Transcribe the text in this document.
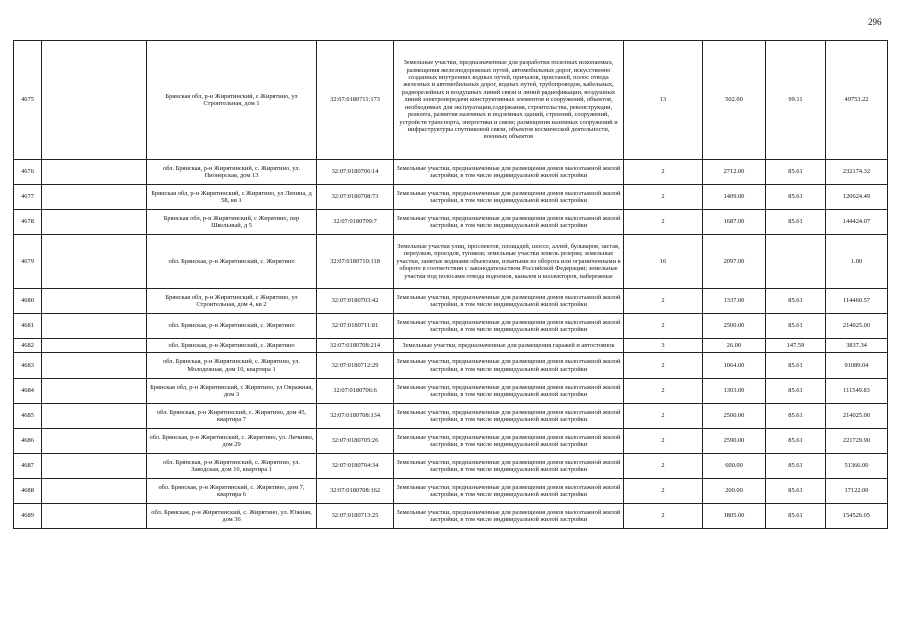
296
4675		Брянская обл, р-н Жирятинский, с Жирятино, ул Строительная, дом 1	32:07:0180711:173	Земельные участки, предназначенные для разработки полезных ископаемых, размещения железнодорожных путей, автомобильных дорог, искусственно созданных внутренних водных путей, причалов, пристаней, полос отвода железных и автомобильных дорог, водных путей, трубопроводов, кабельных, радиорелейных и воздушных линий связи и линий радиофикации, воздушных линий электропередачи конструктивных элементов и сооружений, объектов, необходимых для эксплуатации,содержания, строительства, реконструкции, ремонта, развития наземных и подземных зданий, строений, сооружений, устройств транспорта, энергетики и связи; размещения наземных сооружений и инфраструктуры спутниковой связи, объектов космической деятельности, военных объектов	13	502.00	99.11	49753.22
4676		обл. Брянская, р-н Жирятинский, с. Жирятино, ул. Пионерская, дом 13	32:07:0180706:14	Земельные участки, предназначенные для размещения домов малоэтажной жилой застройки, в том числе индивидуальной жилой застройки	2	2712.00	85.61	232174.32
4677		Брянская обл, р-н Жирятинский, с Жирятино, ул Ленина, д 58, кв 1	32:07:0180708:73	Земельные участки, предназначенные для размещения домов малоэтажной жилой застройки, в том числе индивидуальной жилой застройки	2	1409.00	85.61	120624.49
4678		Брянская обл, р-н Жирятинский, с Жирятино, пер Школьный, д 5	32:07:0180709:7	Земельные участки, предназначенные для размещения домов малоэтажной жилой застройки, в том числе индивидуальной жилой застройки	2	1687.00	85.61	144424.07
4679		обл. Брянская, р-н Жирятинский, с. Жирятино	32:07:0180710:118	Земельные участки улиц, проспектов, площадей, шоссе, аллей, бульваров, застав, переулков, проездов, тупиков; земельные участки земель резерва; земельные участки, занятые водными объектами, изъятыми из оборота или ограниченными в обороте в соответствии с законодательством Российской Федерации; земельные участки под полосами отвода водоемов, каналов и коллекторов, набережные	16	2097.00		1.00
4680		Брянская обл, р-н Жирятинский, с Жирятино, ул Строительная, дом 4, кв 2	32:07:0180703:42	Земельные участки, предназначенные для размещения домов малоэтажной жилой застройки, в том числе индивидуальной жилой застройки	2	1337.00	85.61	114460.57
4681		обл. Брянская, р-н Жирятинский, с. Жирятино	32:07:0180711:81	Земельные участки, предназначенные для размещения домов малоэтажной жилой застройки, в том числе индивидуальной жилой застройки	2	2500.00	85.61	214025.00
4682		обл. Брянская, р-н Жирятинский, с. Жирятино	32:07:0180708:214	Земельные участки, предназначенные для размещения гаражей и автостоянок	3	26.00	147.59	3837.34
4683		обл. Брянская, р-н Жирятинский, с. Жирятино, ул. Молодежная, дом 10, квартира 1	32:07:0180712:29	Земельные участки, предназначенные для размещения домов малоэтажной жилой застройки, в том числе индивидуальной жилой застройки	2	1064.00	85.61	91089.04
4684		Брянская обл, р-н Жирятинский, с Жирятино, ул Овражная, дом 3	32:07:0180706:6	Земельные участки, предназначенные для размещения домов малоэтажной жилой застройки, в том числе индивидуальной жилой застройки	2	1303.00	85.61	111549.83
4685		обл. Брянская, р-н Жирятинский, с. Жирятино, дом 45, квартира 7	32:07:0180708:134	Земельные участки, предназначенные для размещения домов малоэтажной жилой застройки, в том числе индивидуальной жилой застройки	2	2500.00	85.61	214025.00
4686		обл. Брянская, р-н Жирятинский, с. Жирятино, ул. Личинко, дом 29	32:07:0180705:26	Земельные участки, предназначенные для размещения домов малоэтажной жилой застройки, в том числе индивидуальной жилой застройки	2	2590.00	85.61	221729.90
4687		обл. Брянская, р-н Жирятинский, с. Жирятино, ул. Заводская, дом 10, квартира 1	32:07:0180704:34	Земельные участки, предназначенные для размещения домов малоэтажной жилой застройки, в том числе индивидуальной жилой застройки	2	600.00	85.61	51366.00
4688		обл. Брянская, р-н Жирятинский, с. Жирятино, дом 7, квартира 6	32:07:0180708:162	Земельные участки, предназначенные для размещения домов малоэтажной жилой застройки, в том числе индивидуальной жилой застройки	2	200.00	85.61	17122.00
4689		обл. Брянская, р-н Жирятинский, с. Жирятино, ул. Южная, дом 36	32:07:0180713:25	Земельные участки, предназначенные для размещения домов малоэтажной жилой застройки, в том числе индивидуальной жилой застройки	2	1805.00	85.61	154526.05
